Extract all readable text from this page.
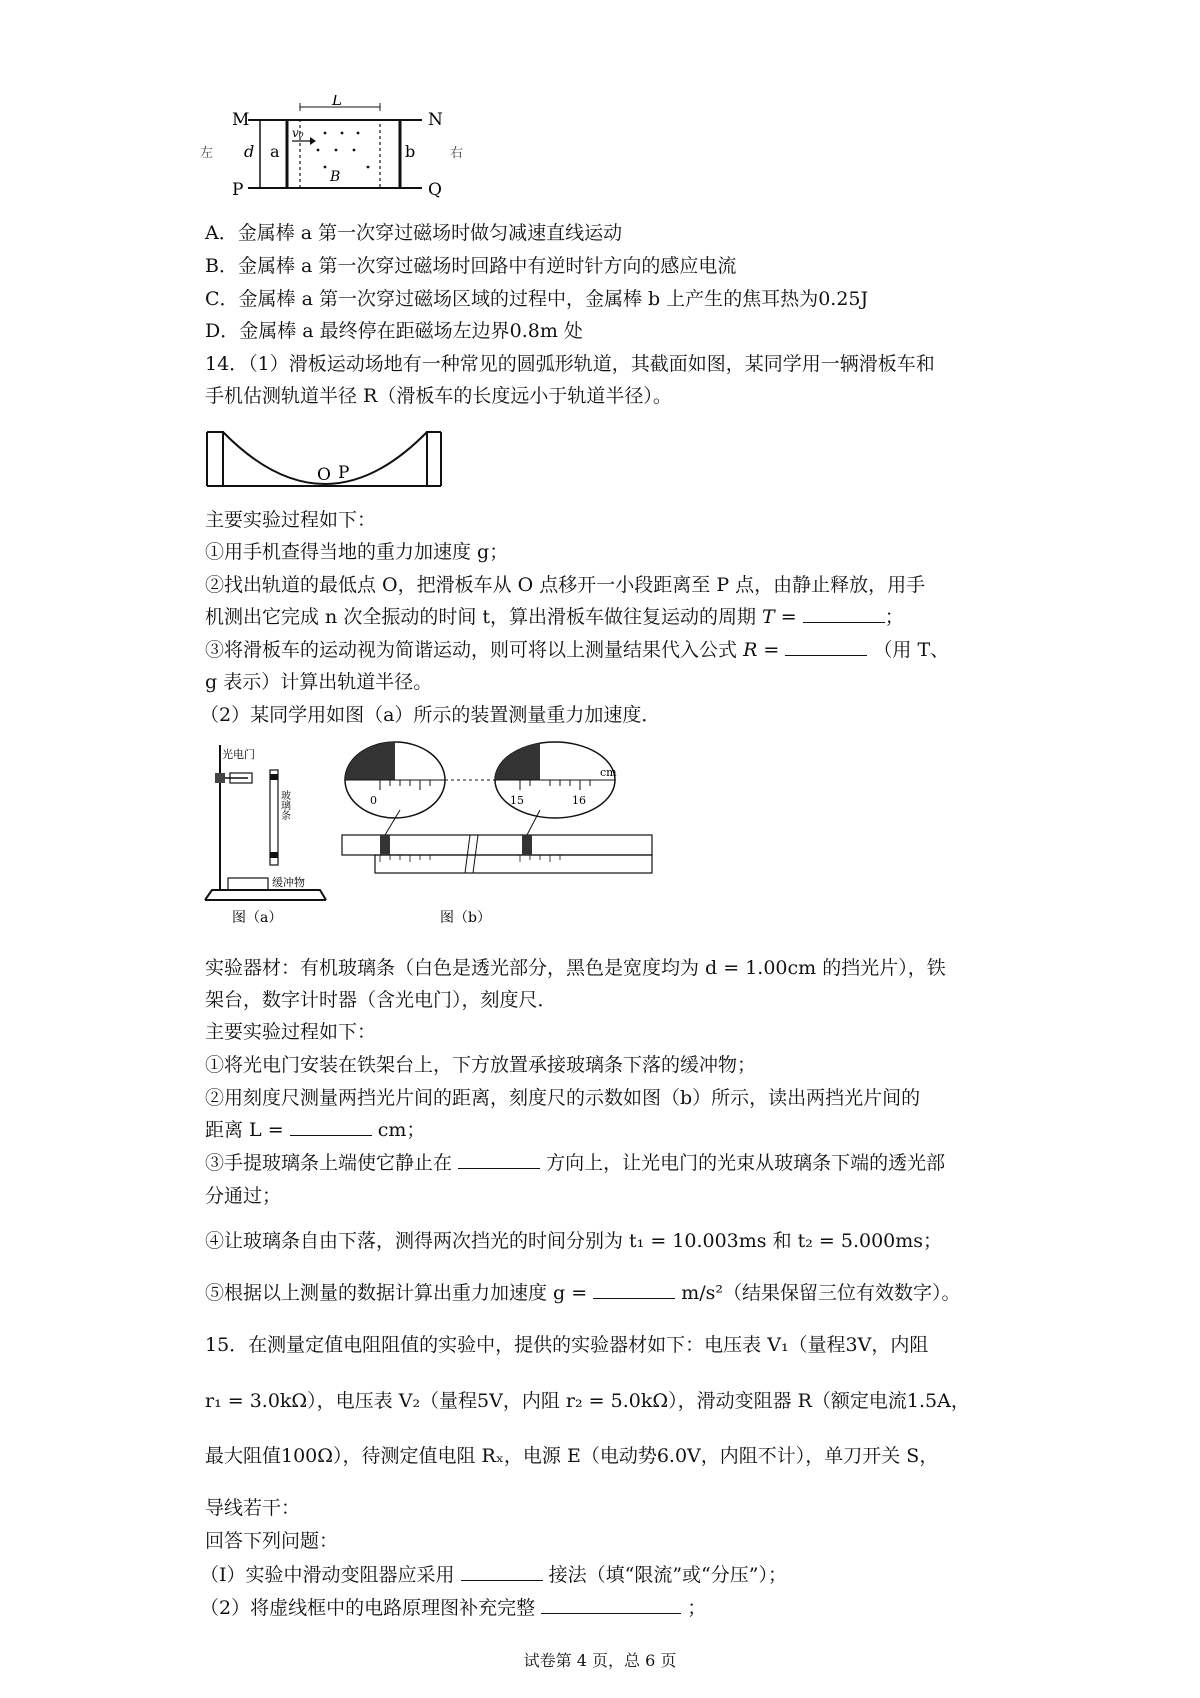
M	N
P	Q
L
d a	b
v₀
B
左	右
A．金属棒 a 第一次穿过磁场时做匀减速直线运动
B．金属棒 a 第一次穿过磁场时回路中有逆时针方向的感应电流
C．金属棒 a 第一次穿过磁场区域的过程中，金属棒 b 上产生的焦耳热为0.25J
D．金属棒 a 最终停在距磁场左边界0.8m 处
14．（1）滑板运动场地有一种常见的圆弧形轨道，其截面如图，某同学用一辆滑板车和
手机估测轨道半径 R（滑板车的长度远小于轨道半径）。
O P
主要实验过程如下：
①用手机查得当地的重力加速度 g；
②找出轨道的最低点 O，把滑板车从 O 点移开一小段距离至 P 点，由静止释放，用手
机测出它完成 n 次全振动的时间 t，算出滑板车做往复运动的周期 T =	；
③将滑板车的运动视为简谐运动，则可将以上测量结果代入公式 R =	（用 T、
g 表示）计算出轨道半径。
（2）某同学用如图（a）所示的装置测量重力加速度．
光电门
玻璃条
缓冲物
图（a）
0	15	16
cm
图（b）
实验器材：有机玻璃条（白色是透光部分，黑色是宽度均为 d = 1.00cm 的挡光片），铁
架台，数字计时器（含光电门），刻度尺．
主要实验过程如下：
①将光电门安装在铁架台上，下方放置承接玻璃条下落的缓冲物；
②用刻度尺测量两挡光片间的距离，刻度尺的示数如图（b）所示，读出两挡光片间的
距离 L =	cm；
③手提玻璃条上端使它静止在	方向上，让光电门的光束从玻璃条下端的透光部
分通过；
④让玻璃条自由下落，测得两次挡光的时间分别为 t₁ = 10.003ms 和 t₂ = 5.000ms；
⑤根据以上测量的数据计算出重力加速度 g =	m/s²（结果保留三位有效数字）。
15．在测量定值电阻阻值的实验中，提供的实验器材如下：电压表 V₁（量程3V，内阻
r₁ = 3.0kΩ），电压表 V₂（量程5V，内阻 r₂ = 5.0kΩ），滑动变阻器 R（额定电流1.5A，
最大阻值100Ω），待测定值电阻 Rₓ，电源 E（电动势6.0V，内阻不计），单刀开关 S，
导线若干：
回答下列问题：
（I）实验中滑动变阻器应采用	接法（填“限流”或“分压”）；
（2）将虚线框中的电路原理图补充完整	；
试卷第 4 页，总 6 页
